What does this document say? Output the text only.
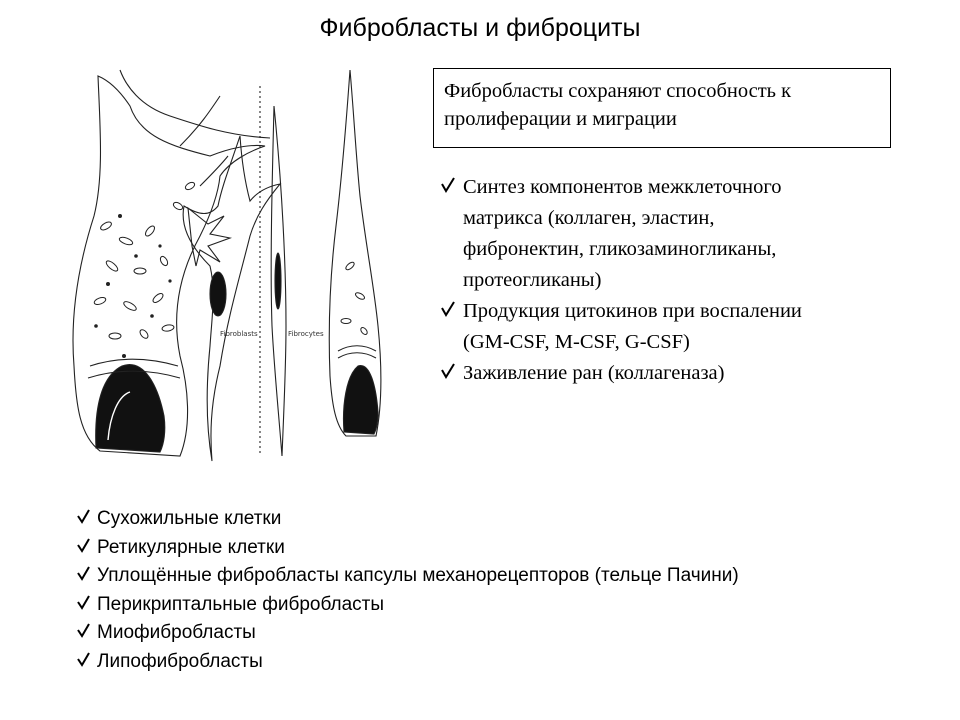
Фибробласты и фиброциты
Fibroblasts	Fibrocytes
Фибробласты сохраняют способность к
пролиферации и миграции
Синтез компонентов межклеточного
матрикса (коллаген, эластин,
фибронектин, гликозаминогликаны,
протеогликаны)
Продукция цитокинов при воспалении
(GM-CSF, M-CSF, G-CSF)
Заживление ран (коллагеназа)
Сухожильные клетки
Ретикулярные клетки
Уплощённые фибробласты капсулы механорецепторов (тельце Пачини)
Перикриптальные фибробласты
Миофибробласты
Липофибробласты
